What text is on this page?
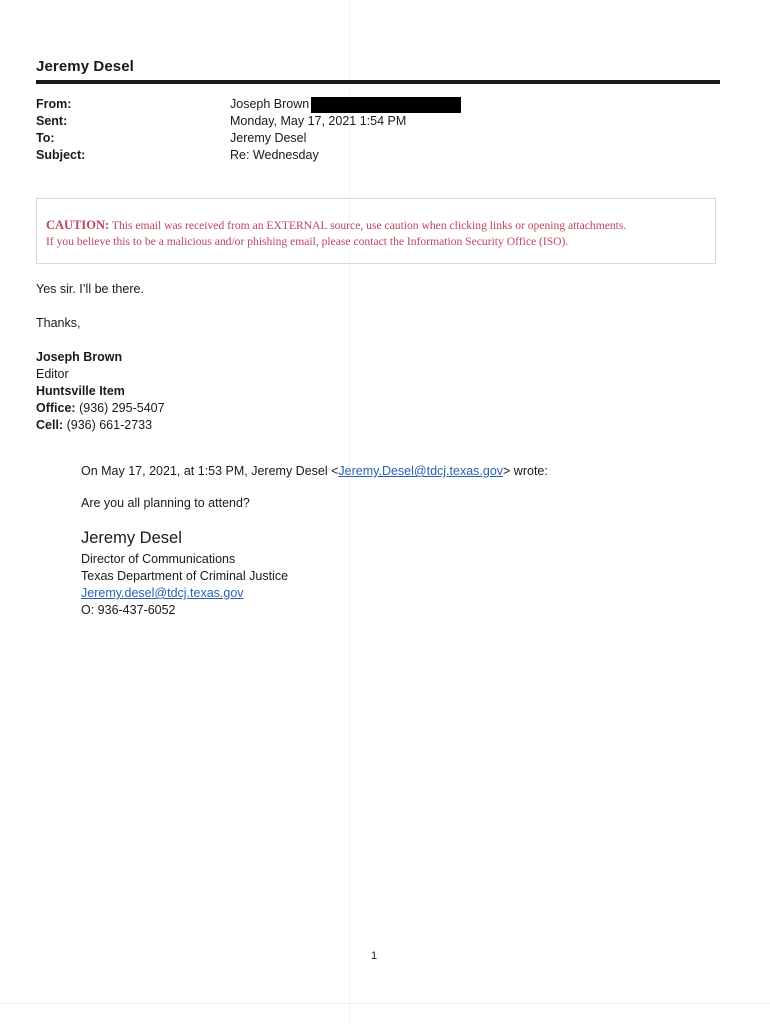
Jeremy Desel
From:	Joseph Brown
Sent:	Monday, May 17, 2021 1:54 PM
To:	Jeremy Desel
Subject:	Re: Wednesday
CAUTION: This email was received from an EXTERNAL source, use caution when clicking links or opening attachments.
If you believe this to be a malicious and/or phishing email, please contact the Information Security Office (ISO).
Yes sir. I’ll be there.
Thanks,
Joseph Brown
Editor
Huntsville Item
Office: (936) 295-5407
Cell: (936) 661-2733
On May 17, 2021, at 1:53 PM, Jeremy Desel <Jeremy.Desel@tdcj.texas.gov> wrote:
Are you all planning to attend?
Jeremy Desel
Director of Communications
Texas Department of Criminal Justice
Jeremy.desel@tdcj.texas.gov
O: 936-437-6052
1
